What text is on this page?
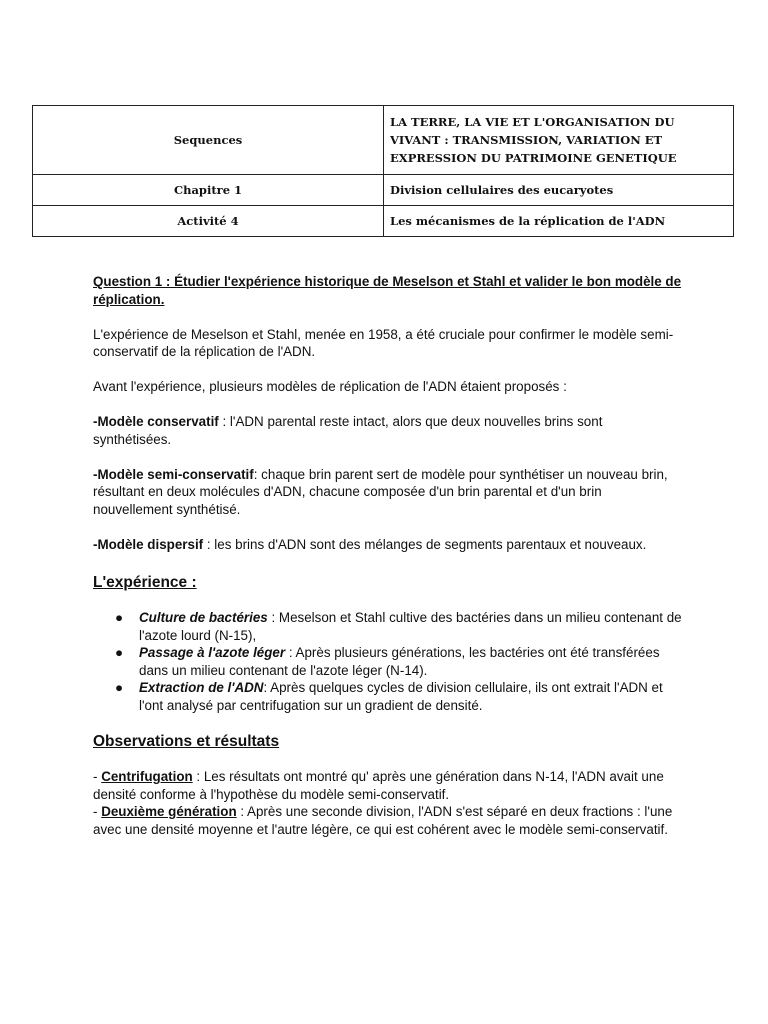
Sequences	LA TERRE, LA VIE ET L'ORGANISATION DU VIVANT : TRANSMISSION, VARIATION ET EXPRESSION DU PATRIMOINE GENETIQUE
Chapitre 1	Division cellulaires des eucaryotes
Activité 4	Les mécanismes de la réplication de l'ADN

Question 1 : Étudier l'expérience historique de Meselson et Stahl et valider le bon modèle de réplication.

L'expérience de Meselson et Stahl, menée en 1958, a été cruciale pour confirmer le modèle semi-conservatif de la réplication de l'ADN.

Avant l'expérience, plusieurs modèles de réplication de l'ADN étaient proposés :

-Modèle conservatif : l'ADN parental reste intact, alors que deux nouvelles brins sont synthétisées.

-Modèle semi-conservatif: chaque brin parent sert de modèle pour synthétiser un nouveau brin, résultant en deux molécules d'ADN, chacune composée d'un brin parental et d'un brin nouvellement synthétisé.

-Modèle dispersif : les brins d'ADN sont des mélanges de segments parentaux et nouveaux.

L'expérience :

● Culture de bactéries : Meselson et Stahl cultive des bactéries dans un milieu contenant de l'azote lourd (N-15),
● Passage à l'azote léger : Après plusieurs générations, les bactéries ont été transférées dans un milieu contenant de l'azote léger (N-14).
● Extraction de l'ADN: Après quelques cycles de division cellulaire, ils ont extrait l'ADN et l'ont analysé par centrifugation sur un gradient de densité.

Observations et résultats

- Centrifugation : Les résultats ont montré qu' après une génération dans N-14, l'ADN avait une densité conforme à l'hypothèse du modèle semi-conservatif.

- Deuxième génération : Après une seconde division, l'ADN s'est séparé en deux fractions : l'une avec une densité moyenne et l'autre légère, ce qui est cohérent avec le modèle semi-conservatif.
